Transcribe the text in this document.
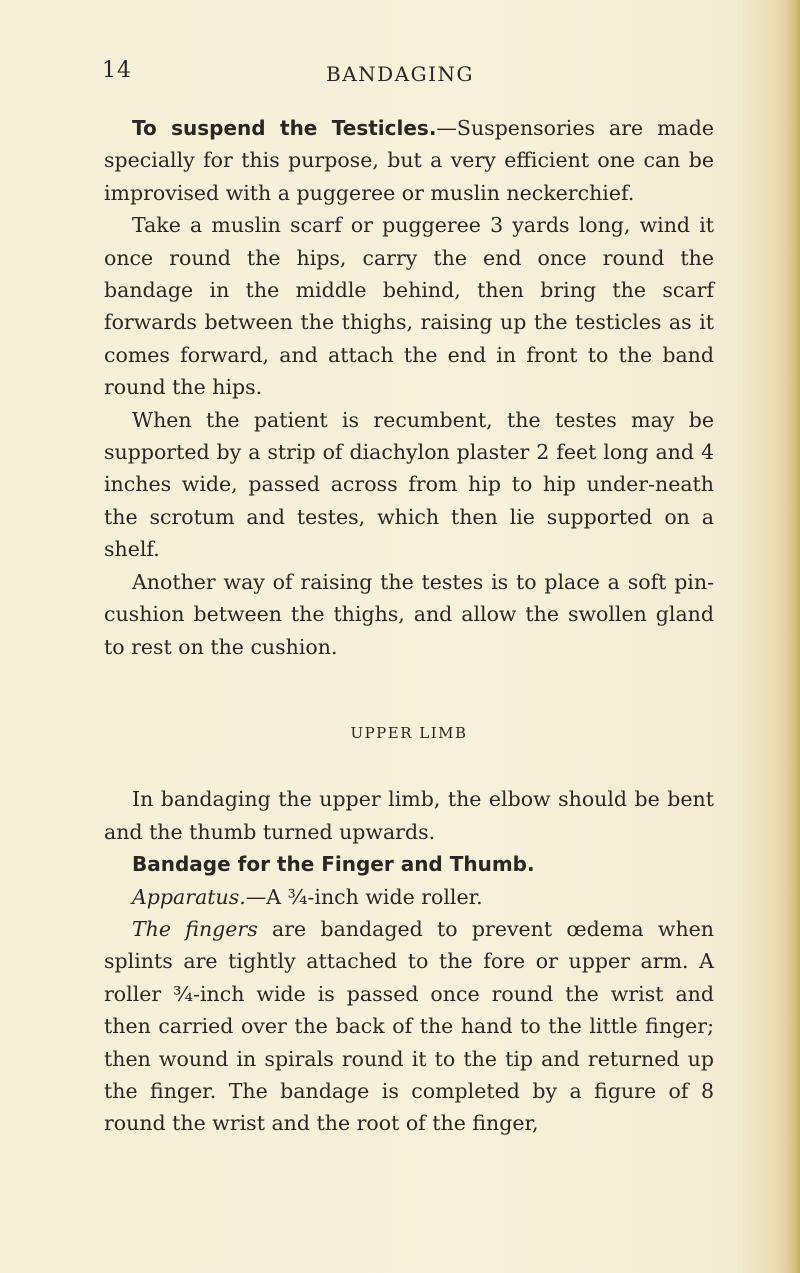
14	BANDAGING

To suspend the Testicles.—Suspensories are made specially for this purpose, but a very efficient one can be improvised with a puggeree or muslin neckerchief.

Take a muslin scarf or puggeree 3 yards long, wind it once round the hips, carry the end once round the bandage in the middle behind, then bring the scarf forwards between the thighs, raising up the testicles as it comes forward, and attach the end in front to the band round the hips.

When the patient is recumbent, the testes may be supported by a strip of diachylon plaster 2 feet long and 4 inches wide, passed across from hip to hip under-neath the scrotum and testes, which then lie supported on a shelf.

Another way of raising the testes is to place a soft pin-cushion between the thighs, and allow the swollen gland to rest on the cushion.

UPPER LIMB

In bandaging the upper limb, the elbow should be bent and the thumb turned upwards.

Bandage for the Finger and Thumb.

Apparatus.—A ¾-inch wide roller.

The fingers are bandaged to prevent œdema when splints are tightly attached to the fore or upper arm. A roller ¾-inch wide is passed once round the wrist and then carried over the back of the hand to the little finger; then wound in spirals round it to the tip and returned up the finger. The bandage is completed by a figure of 8 round the wrist and the root of the finger,
